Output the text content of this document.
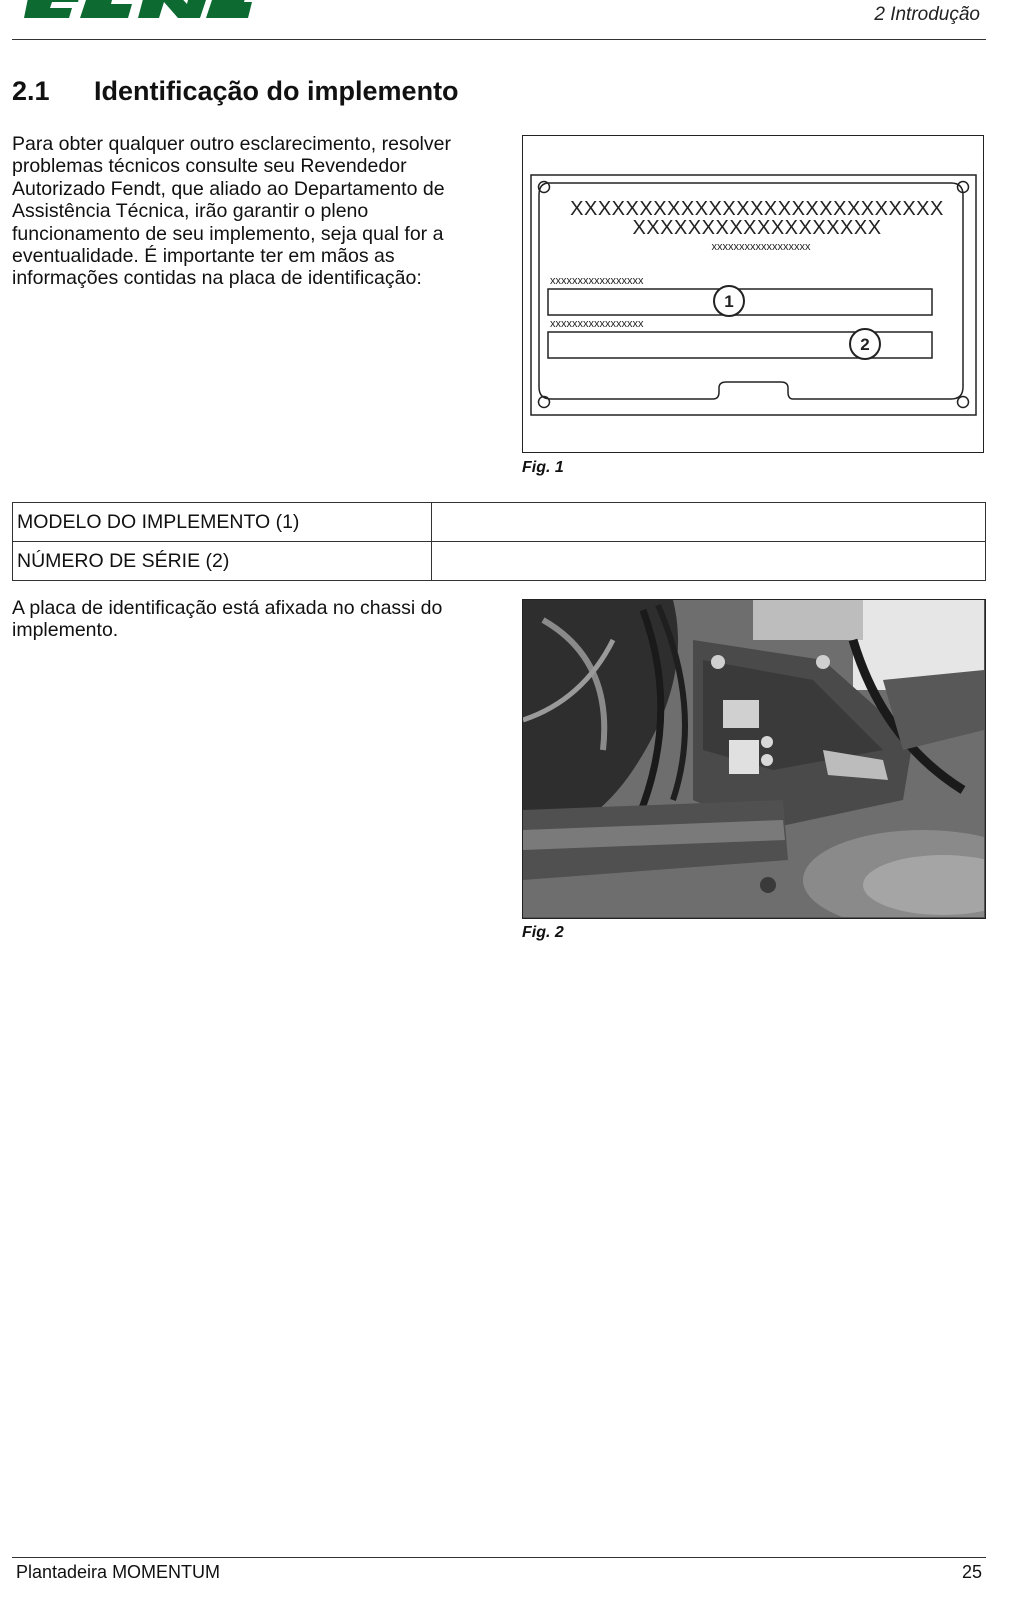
2 Introdução
2.1 Identificação do implemento
Para obter qualquer outro esclarecimento, resolver problemas técnicos consulte seu Revendedor Autorizado Fendt, que aliado ao Departamento de Assistência Técnica, irão garantir o pleno funcionamento de seu implemento, seja qual for a eventualidade. É importante ter em mãos as informações contidas na placa de identificação:
XXXXXXXXXXXXXXXXXXXXXXXXXXX
XXXXXXXXXXXXXXXXXX
xxxxxxxxxxxxxxxxxx
xxxxxxxxxxxxxxxxx
xxxxxxxxxxxxxxxxx
1
2
Fig. 1
MODELO DO IMPLEMENTO (1)	
NÚMERO DE SÉRIE (2)	
A placa de identificação está afixada no chassi do implemento.
Fig. 2
Plantadeira MOMENTUM	25
